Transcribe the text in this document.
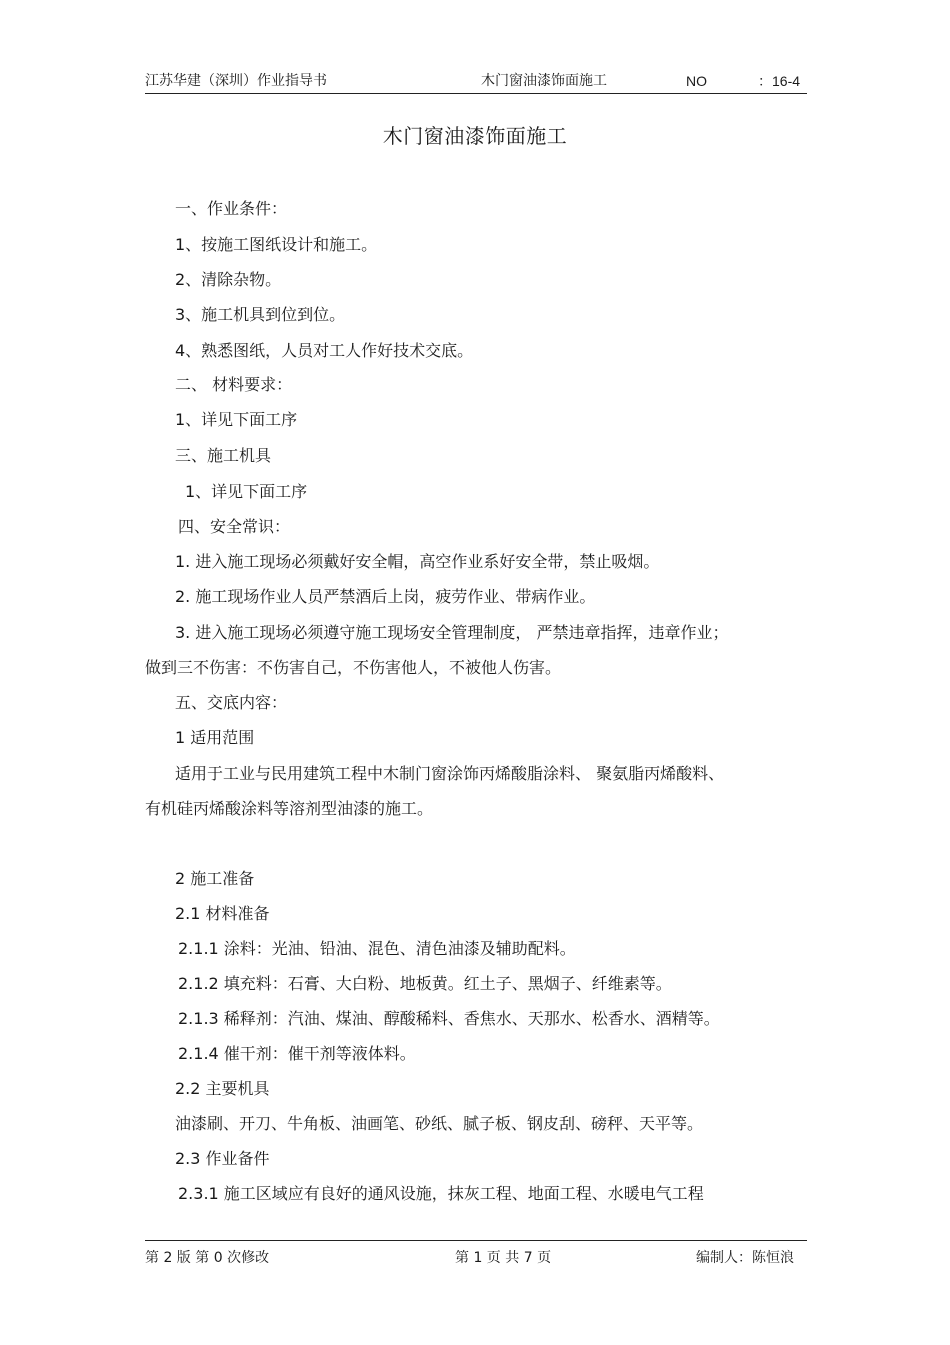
江苏华建（深圳）作业指导书	木门窗油漆饰面施工	NO	：16-4
木门窗油漆饰面施工
一、作业条件：
1、按施工图纸设计和施工。
2、清除杂物。
3、施工机具到位到位。
4、熟悉图纸，人员对工人作好技术交底。
二、 材料要求：
1、详见下面工序
三、施工机具
1、详见下面工序
四、安全常识：
1. 进入施工现场必须戴好安全帽，高空作业系好安全带，禁止吸烟。
2. 施工现场作业人员严禁酒后上岗，疲劳作业、带病作业。
3. 进入施工现场必须遵守施工现场安全管理制度， 严禁违章指挥，违章作业；
做到三不伤害：不伤害自己，不伤害他人，不被他人伤害。
五、交底内容：
1 适用范围
适用于工业与民用建筑工程中木制门窗涂饰丙烯酸脂涂料、 聚氨脂丙烯酸料、
有机硅丙烯酸涂料等溶剂型油漆的施工。
2 施工准备
2.1 材料准备
2.1.1 涂料：光油、铅油、混色、清色油漆及辅助配料。
2.1.2 填充料：石膏、大白粉、地板黄。红土子、黑烟子、纤维素等。
2.1.3 稀释剂：汽油、煤油、醇酸稀料、香焦水、天那水、松香水、酒精等。
2.1.4 催干剂：催干剂等液体料。
2.2 主要机具
油漆刷、开刀、牛角板、油画笔、砂纸、腻子板、钢皮刮、磅秤、天平等。
2.3 作业备件
2.3.1 施工区域应有良好的通风设施，抹灰工程、地面工程、水暖电气工程
第 2 版 第 0 次修改	第 1 页 共 7 页	编制人：陈恒浪
